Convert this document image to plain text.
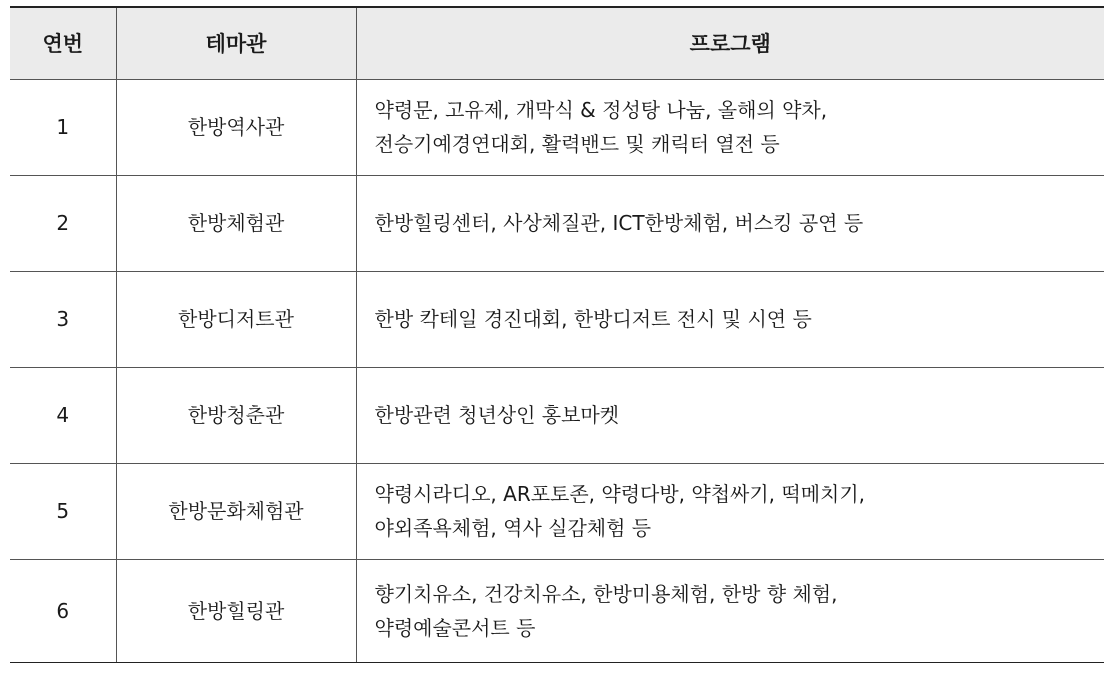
연번	테마관	프로그램
1	한방역사관	약령문, 고유제, 개막식 & 정성탕 나눔, 올해의 약차,
전승기예경연대회, 활력밴드 및 캐릭터 열전 등

2	한방체험관	한방힐링센터, 사상체질관, ICT한방체험, 버스킹 공연 등

3	한방디저트관	한방 칵테일 경진대회, 한방디저트 전시 및 시연 등

4	한방청춘관	한방관련 청년상인 홍보마켓

5	한방문화체험관	약령시라디오, AR포토존, 약령다방, 약첩싸기, 떡메치기,
야외족욕체험, 역사 실감체험 등

6	한방힐링관	향기치유소, 건강치유소, 한방미용체험, 한방 향 체험,
약령예술콘서트 등
